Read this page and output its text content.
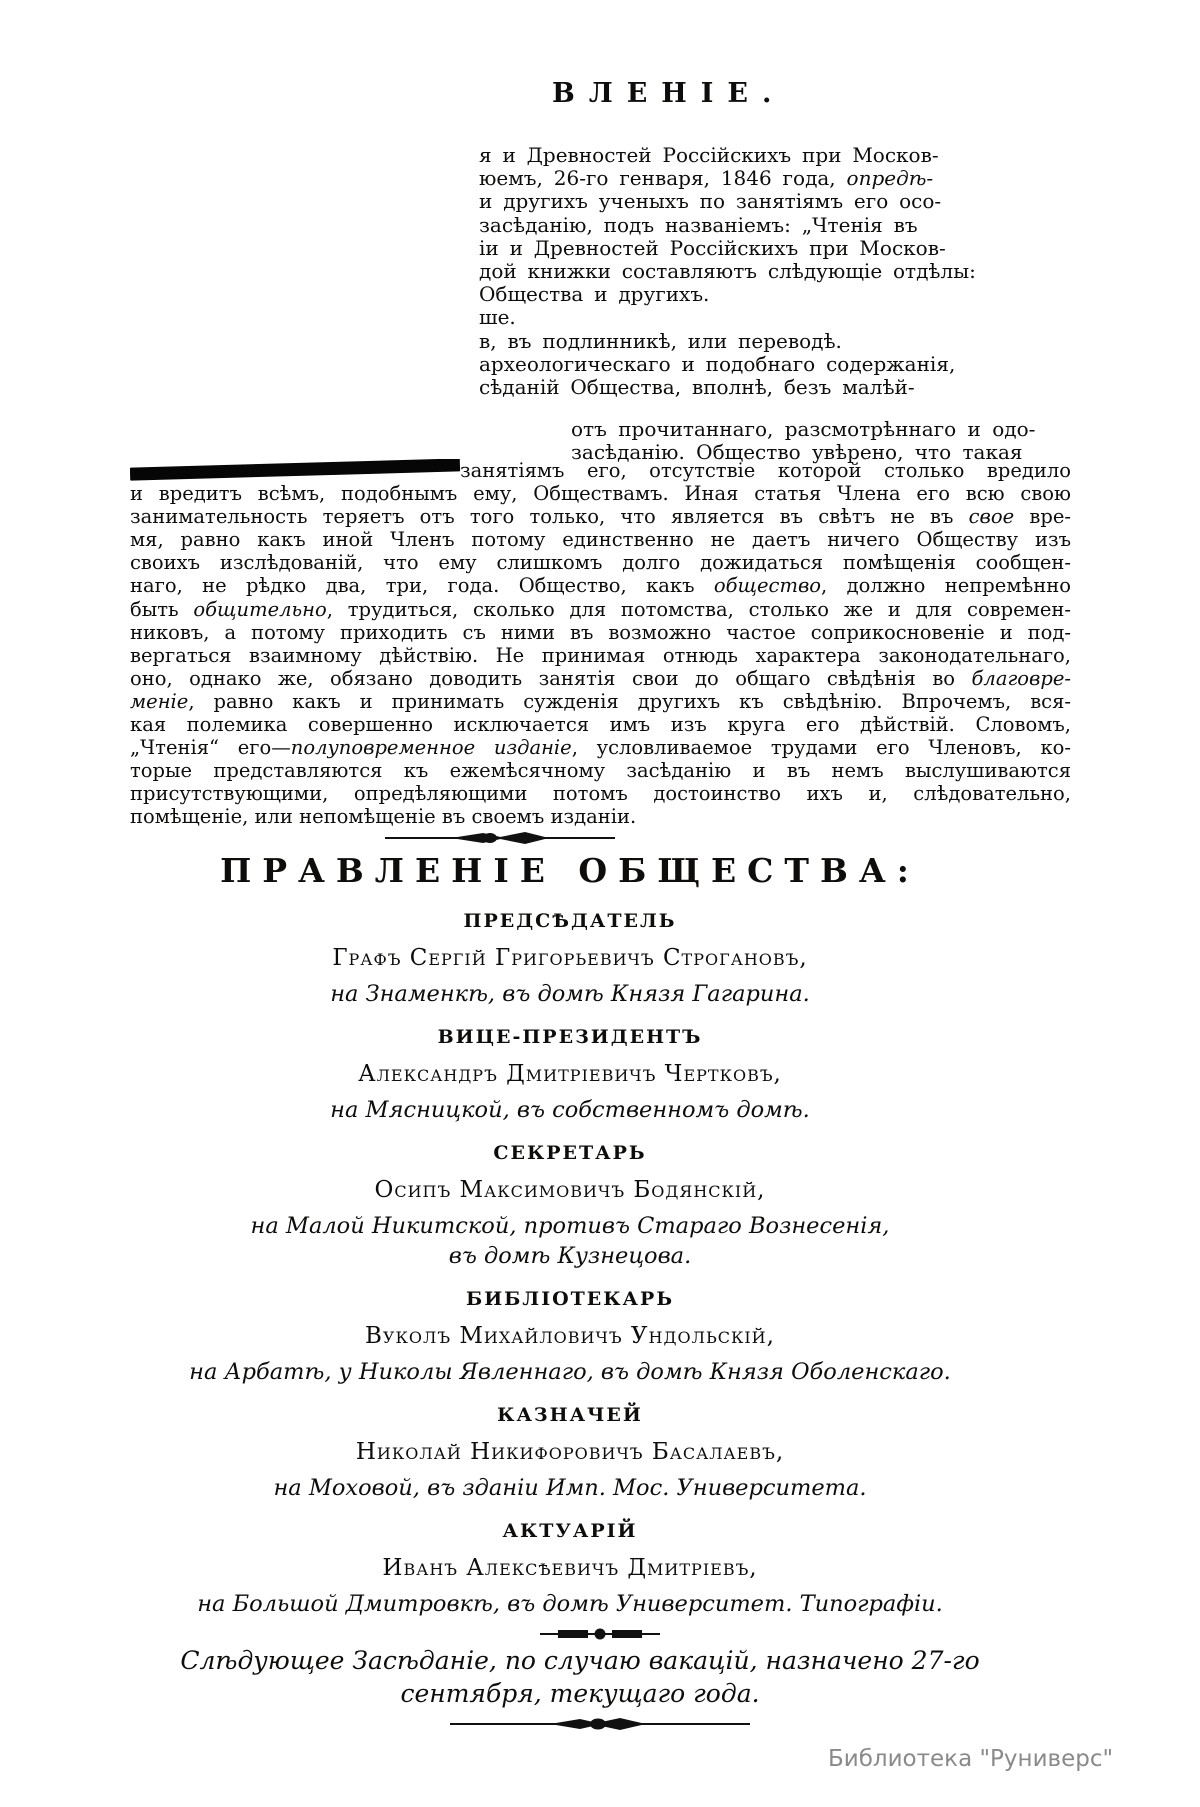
ВЛЕНІЕ.
я и Древностей Россійскихъ при Москов-
юемъ, 26-го генваря, 1846 года, опредѣ-
и другихъ ученыхъ по занятіямъ его осо-
засѣданію, подъ названіемъ: „Чтенія въ
іи и Древностей Россійскихъ при Москов-
дой книжки составляютъ слѣдующіе отдѣлы:
Общества и другихъ.
ше.
в, въ подлинникѣ, или переводѣ.
археологическаго и подобнаго содержанія,
сѣданій Общества, вполнѣ, безъ малѣй-
отъ прочитаннаго, разсмотрѣннаго и одо-
засѣданію. Общество увѣрено, что такая
занятіямъ его, отсутствіе которой столько вредило
и вредитъ всѣмъ, подобнымъ ему, Обществамъ. Иная статья Члена его всю свою
занимательность теряетъ отъ того только, что является въ свѣтъ не въ свое вре-
мя, равно какъ иной Членъ потому единственно не даетъ ничего Обществу изъ
своихъ изслѣдованій, что ему слишкомъ долго дожидаться помѣщенія сообщен-
наго, не рѣдко два, три, года. Общество, какъ общество, должно непремѣнно
быть общительно, трудиться, сколько для потомства, столько же и для современ-
никовъ, а потому приходить съ ними въ возможно частое соприкосновеніе и под-
вергаться взаимному дѣйствію. Не принимая отнюдь характера законодательнаго,
оно, однако же, обязано доводить занятія свои до общаго свѣдѣнія во благовре-
меніе, равно какъ и принимать сужденія другихъ къ свѣдѣнію. Впрочемъ, вся-
кая полемика совершенно исключается имъ изъ круга его дѣйствій. Словомъ,
„Чтенія“ его—полуповременное изданіе, условливаемое трудами его Членовъ, ко-
торые представляются къ ежемѣсячному засѣданію и въ немъ выслушиваются
присутствующими, опредѣляющими потомъ достоинство ихъ и, слѣдовательно,
помѣщеніе, или непомѣщеніе въ своемъ изданіи.
ПРАВЛЕНІЕ ОБЩЕСТВА:
ПРЕДСѢДАТЕЛЬ
Графъ Сергій Григорьевичъ Строгановъ,
на Знаменкѣ, въ домѣ Князя Гагарина.
ВИЦЕ-ПРЕЗИДЕНТЪ
Александръ Дмитріевичъ Чертковъ,
на Мясницкой, въ собственномъ домѣ.
СЕКРЕТАРЬ
Осипъ Максимовичъ Бодянскій,
на Малой Никитской, противъ Стараго Вознесенія,
въ домѣ Кузнецова.
БИБЛІОТЕКАРЬ
Вуколъ Михайловичъ Ундольскій,
на Арбатѣ, у Николы Явленнаго, въ домѣ Князя Оболенскаго.
КАЗНАЧЕЙ
Николай Никифоровичъ Басалаевъ,
на Моховой, въ зданіи Имп. Мос. Университета.
АКТУАРІЙ
Иванъ Алексѣевичъ Дмитріевъ,
на Большой Дмитровкѣ, въ домѣ Университет. Типографіи.
Слѣдующее Засѣданіе, по случаю вакацій, назначено 27-го
сентября, текущаго года.
Библиотека "Руниверс"
